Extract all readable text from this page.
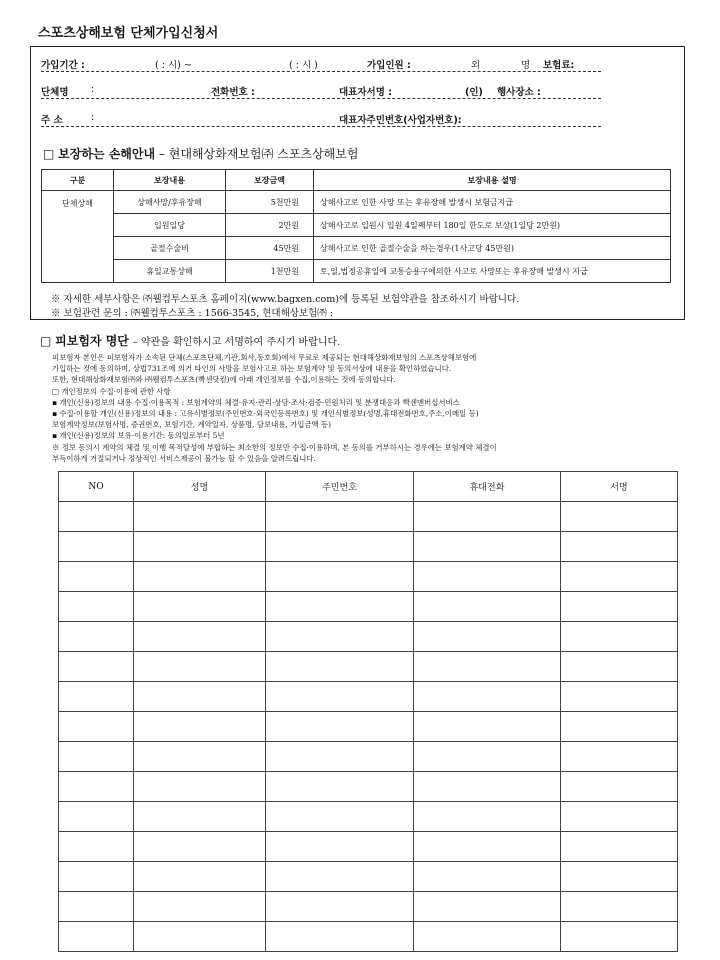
스포츠상해보험 단체가입신청서
가입기간 :	( : 시) ~	( : 시 )	가입인원 :	외	명 보험료:
단체명 :	전화번호 :	대표자서명 :	(인) 행사장소 :
주 소	:	대표자주민번호(사업자번호):
□ 보장하는 손해안내 – 현대해상화재보험㈜ 스포츠상해보험
구분	보장내용	보장금액	보장내용 설명
단체상해	상해사망/후유장해	5천만원	상해사고로 인한 사망 또는 후유장해 발생시 보험금지급
	입원일당	2만원	상해사고로 입원시 입원 4일째부터 180일 한도로 보상(1일당 2만원)
	골절수술비	45만원	상해사고로 인한 골절수술을 하는경우(1사고당 45만원)
	휴일교통상해	1천만원	토,일,법정공휴일에 교통승용구에의한 사고로 사망또는 후유장해 발생시 지급
※ 자세한 세부사항은 ㈜웰컴투스포츠 홈페이지(www.bagxen.com)에 등록된 보험약관을 참조하시기 바랍니다.
※ 보험관련 문의 : ㈜웰컴투스포츠 : 1566-3545, 현대해상보험㈜ :
□ 피보험자 명단 – 약관을 확인하시고 서명하여 주시기 바랍니다.
피보험자 본인은 피보험자가 소속된 단체(스포츠단체,기관,회사,동호회)에서 무료로 제공되는 현대해상화재보험의 스포츠상해보험에
가입하는 것에 동의하며, 상법731조에 의거 타인의 사망을 보험사고로 하는 보험계약 및 동의서상에 내용을 확인하였습니다.
또한, 현대해상화재보험㈜와 ㈜웰컴투스포츠(빡센닷컴)에 아래 개인정보를 수집,이용하는 것에 동의합니다.
□ 개인정보의 수집·이용에 관한 사항
▪ 개인(신용)정보의 내용 수집·이용목적 : 보험계약의 체결·유지·관리·상담·조사·검증·민원처리 및 분쟁대응과 빡센맨버십서비스
▪ 수집·이용할 개인(신용)정보의 내용 : 고유식별정보(주민번호·외국인등록번호) 및 개인식별정보(성명,휴대전화번호,주소,이메일 등)
보험계약정보(보험사명, 증권번호, 보험기간, 계약일자, 상품명, 담보내용, 가입금액 등)
▪ 개인(신용)정보의 보유·이용기간: 동의일로부터 5년
※ 정보 동의시 계약의 체결 및 이행 목적달성에 부합하는 최소한의 정보만 수집·이용하며, 본 동의를 거부하시는 경우에는 보험계약 체결이
부득이하게 거절되거나 정상적인 서비스제공이 불가능 할 수 있음을 알려드립니다.
NO	성명	주민번호	휴대전화	서명
